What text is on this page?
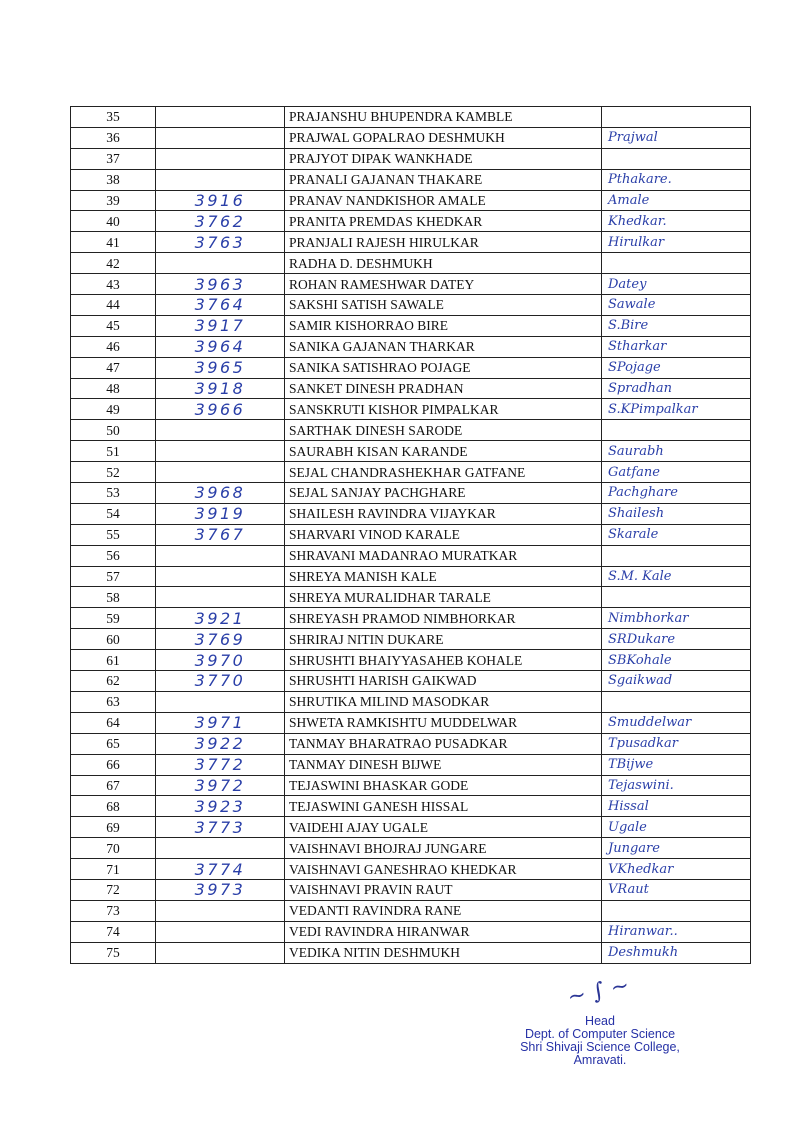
35		PRAJANSHU BHUPENDRA KAMBLE	
36		PRAJWAL GOPALRAO DESHMUKH	Prajwal
37		PRAJYOT DIPAK WANKHADE	
38		PRANALI GAJANAN THAKARE	Pthakare.
39	3916	PRANAV NANDKISHOR AMALE	Amale
40	3762	PRANITA PREMDAS KHEDKAR	Khedkar.
41	3763	PRANJALI RAJESH HIRULKAR	Hirulkar
42		RADHA D. DESHMUKH	
43	3963	ROHAN RAMESHWAR DATEY	Datey
44	3764	SAKSHI SATISH SAWALE	Sawale
45	3917	SAMIR KISHORRAO BIRE	S.Bire
46	3964	SANIKA GAJANAN THARKAR	Stharkar
47	3965	SANIKA SATISHRAO POJAGE	SPojage
48	3918	SANKET DINESH PRADHAN	Spradhan
49	3966	SANSKRUTI KISHOR PIMPALKAR	S.KPimpalkar
50		SARTHAK DINESH SARODE	
51		SAURABH KISAN KARANDE	Saurabh
52		SEJAL CHANDRASHEKHAR GATFANE	Gatfane
53	3968	SEJAL SANJAY PACHGHARE	Pachghare
54	3919	SHAILESH RAVINDRA VIJAYKAR	Shailesh
55	3767	SHARVARI VINOD KARALE	Skarale
56		SHRAVANI MADANRAO MURATKAR	
57		SHREYA MANISH KALE	S.M. Kale
58		SHREYA MURALIDHAR TARALE	
59	3921	SHREYASH PRAMOD NIMBHORKAR	Nimbhorkar
60	3769	SHRIRAJ NITIN DUKARE	SRDukare
61	3970	SHRUSHTI BHAIYYASAHEB KOHALE	SBKohale
62	3770	SHRUSHTI HARISH GAIKWAD	Sgaikwad
63		SHRUTIKA MILIND MASODKAR	
64	3971	SHWETA RAMKISHTU MUDDELWAR	Smuddelwar
65	3922	TANMAY BHARATRAO PUSADKAR	Tpusadkar
66	3772	TANMAY DINESH BIJWE	TBijwe
67	3972	TEJASWINI BHASKAR GODE	Tejaswini.
68	3923	TEJASWINI GANESH HISSAL	Hissal
69	3773	VAIDEHI AJAY UGALE	Ugale
70		VAISHNAVI BHOJRAJ JUNGARE	Jungare
71	3774	VAISHNAVI GANESHRAO KHEDKAR	VKhedkar
72	3973	VAISHNAVI PRAVIN RAUT	VRaut
73		VEDANTI RAVINDRA RANE	
74		VEDI RAVINDRA HIRANWAR	Hiranwar..
75		VEDIKA NITIN DESHMUKH	Deshmukh
~ ∫ ~
Head
Dept. of Computer Science
Shri Shivaji Science College,
Amravati.
